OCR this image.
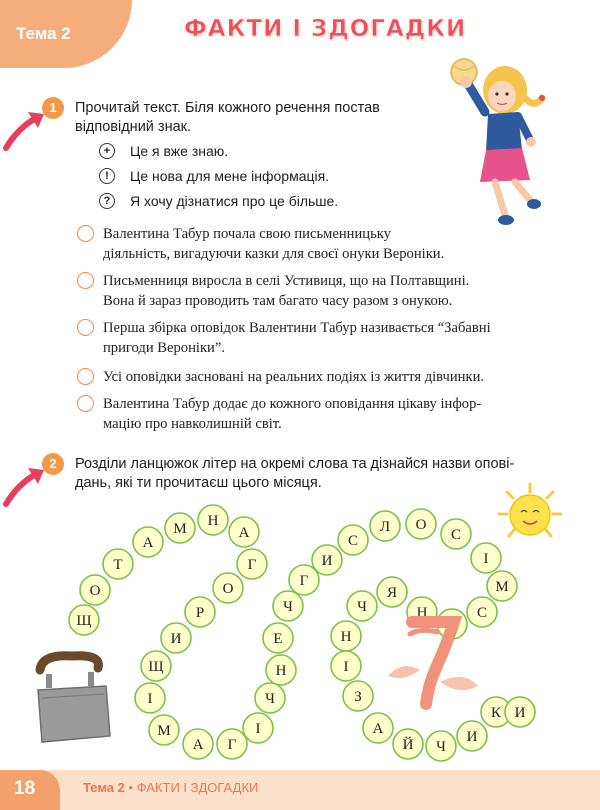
Тема 2	ФАКТИ І ЗДОГАДКИ
1	Прочитай текст. Біля кожного речення постав
відповідний знак.
+	Це я вже знаю.
!	Це нова для мене інформація.
?	Я хочу дізнатися про це більше.
Валентина Табур почала свою письменницьку
діяльність, вигадуючи казки для своєї онуки Вероніки.
Письменниця виросла в селі Устивиця, що на Полтавщині.
Вона й зараз проводить там багато часу разом з онукою.
Перша збірка оповідок Валентини Табур називається “Забавні
пригоди Вероніки”.
Усі оповідки засновані на реальних подіях із життя дівчинки.
Валентина Табур додає до кожного оповідання цікаву інфор-
мацію про навколишній світ.
2	Розділи ланцюжок літер на окремі слова та дізнайся назви опові-
дань, які ти прочитаєш цього місяця.
Щ
О
Т
А
М Н
А
Г
О
Р
И
Щ
І
М
А Г
І
Ч
Н
Е
Ч
Г
И
С
Л О
С
І
М
С
О
Н
Я
Ч
Н
І
З
А
Й Ч
И
К И
18	Тема 2 • ФАКТИ І ЗДОГАДКИ
